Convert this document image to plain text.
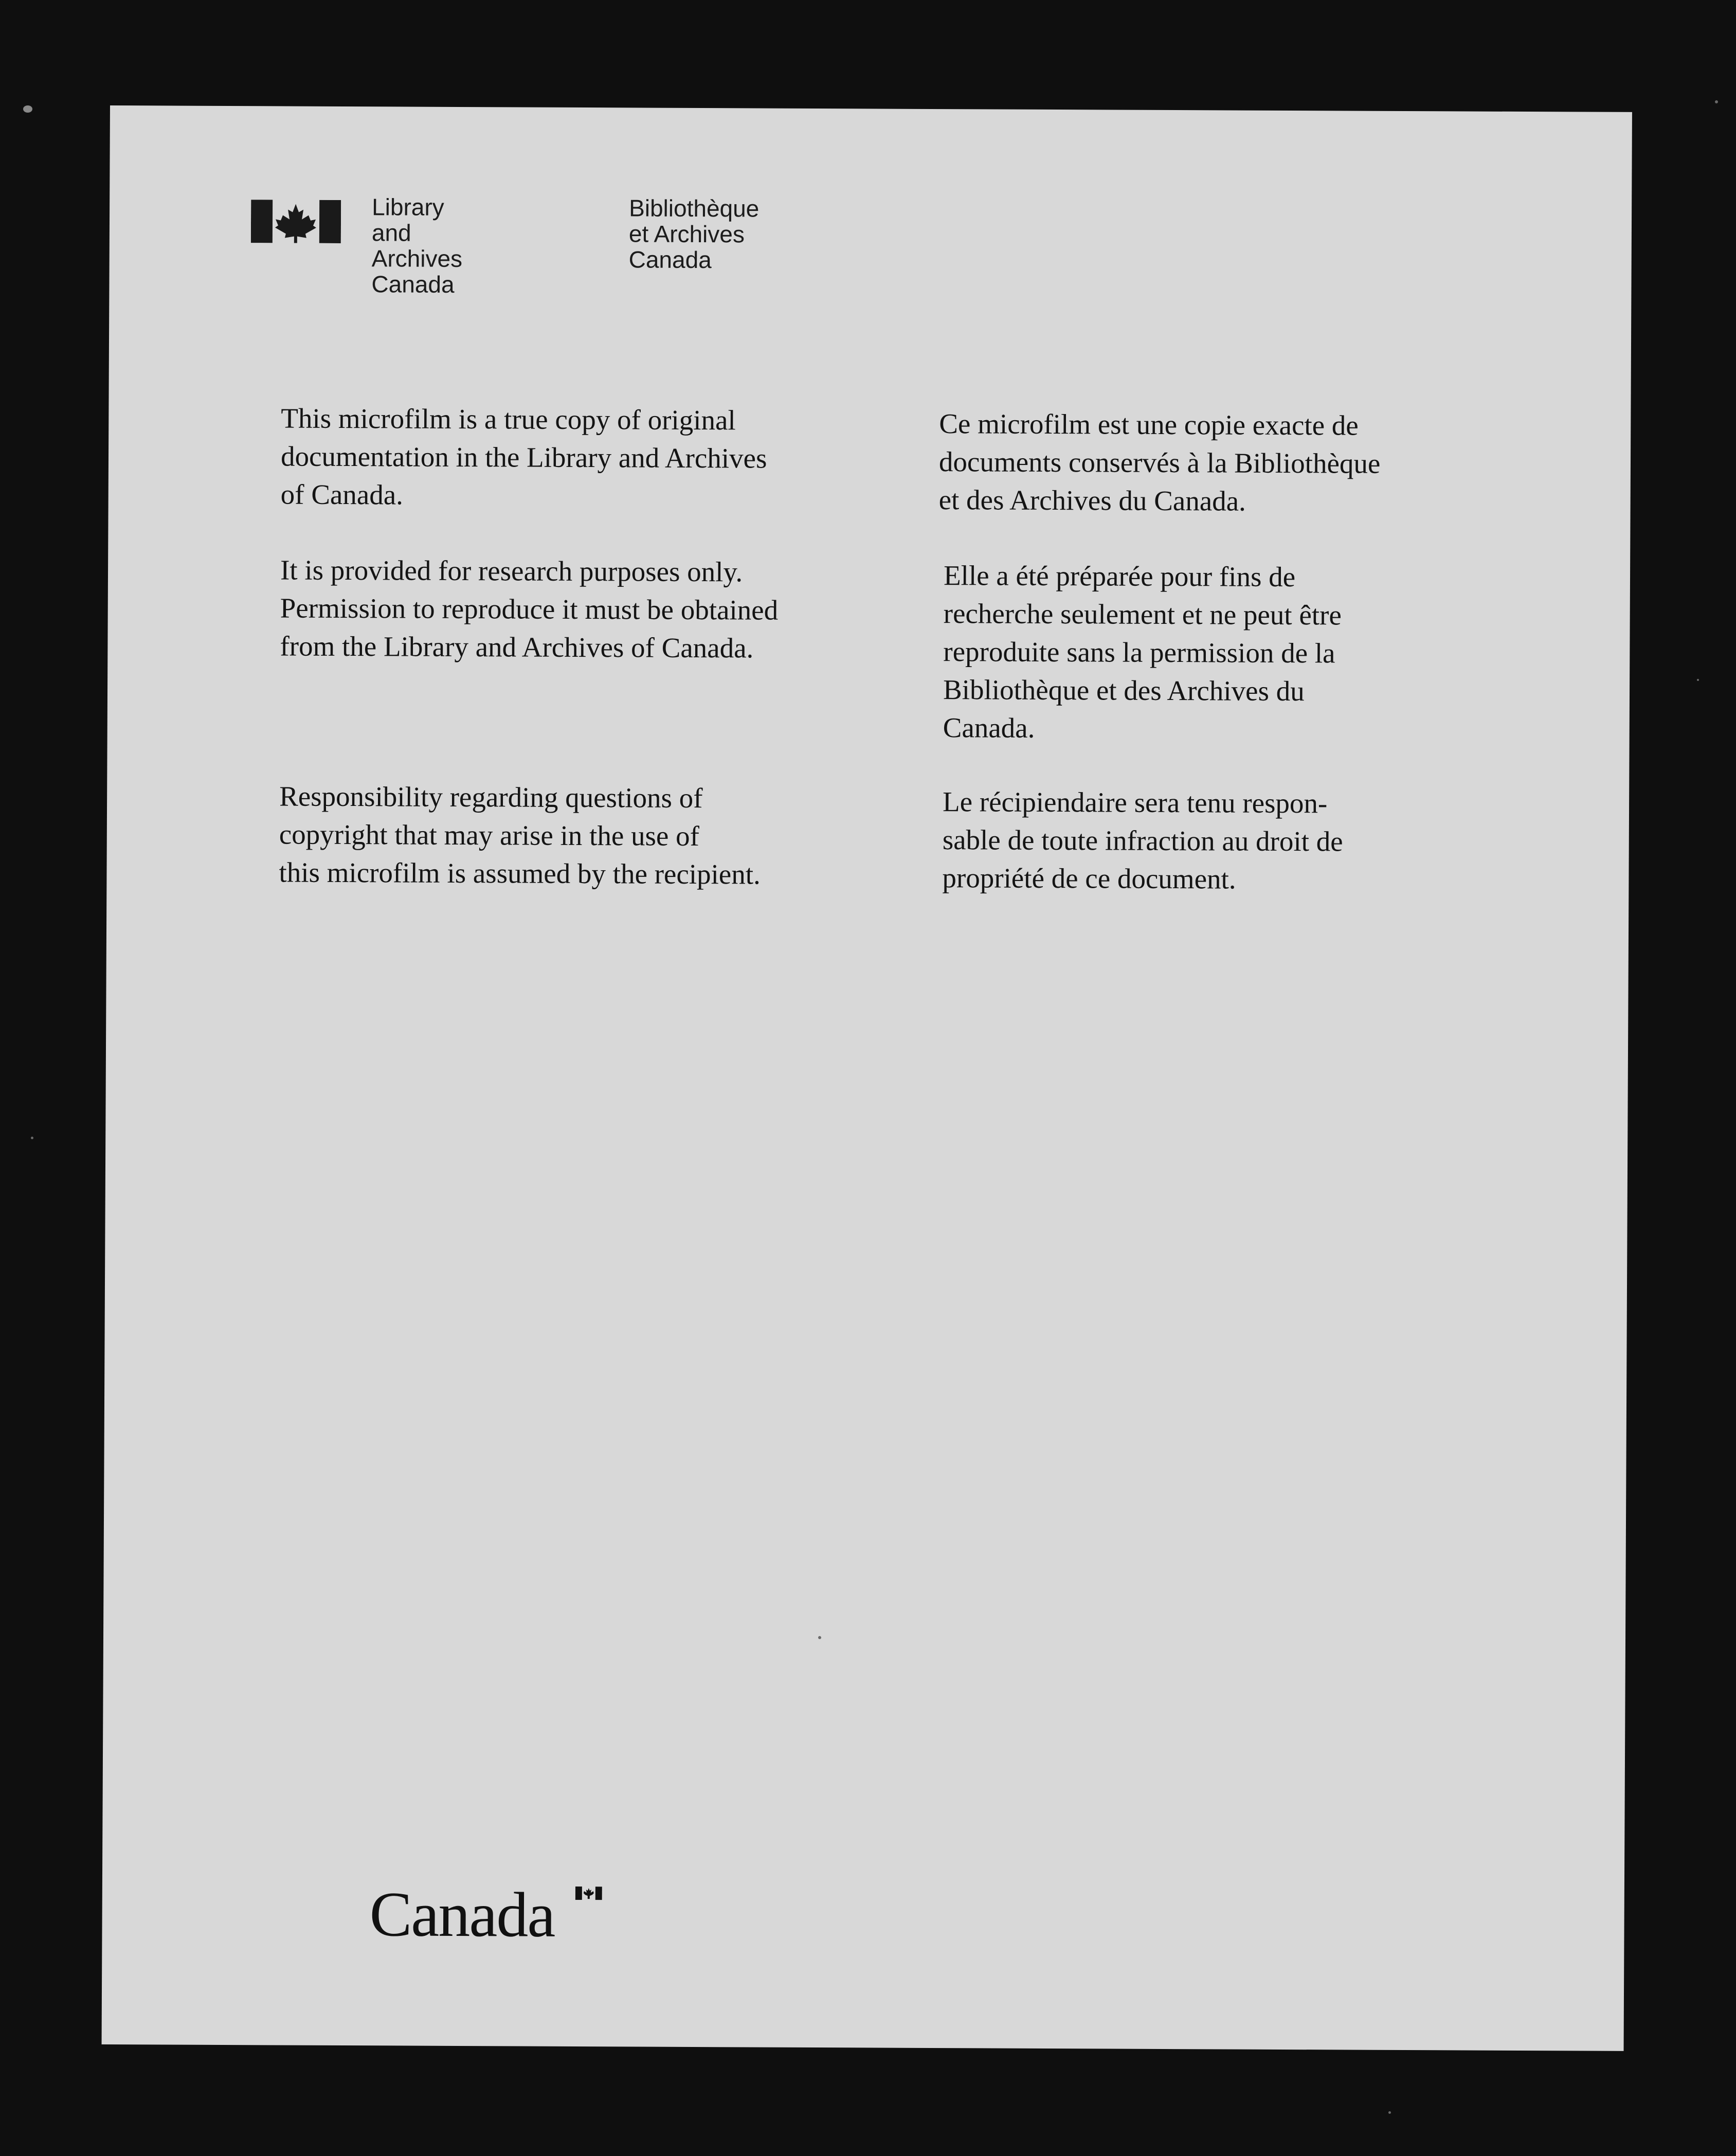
Library and Archives
Canada
Bibliothèque et Archives
Canada

This microfilm is a true copy of original
documentation in the Library and Archives
of Canada.

It is provided for research purposes only.
Permission to reproduce it must be obtained
from the Library and Archives of Canada.

Responsibility regarding questions of
copyright that may arise in the use of
this microfilm is assumed by the recipient.

Ce microfilm est une copie exacte de
documents conservés à la Bibliothèque
et des Archives du Canada.

Elle a été préparée pour fins de
recherche seulement et ne peut être
reproduite sans la permission de la
Bibliothèque et des Archives du
Canada.

Le récipiendaire sera tenu respon-
sable de toute infraction au droit de
propriété de ce document.

Canada
